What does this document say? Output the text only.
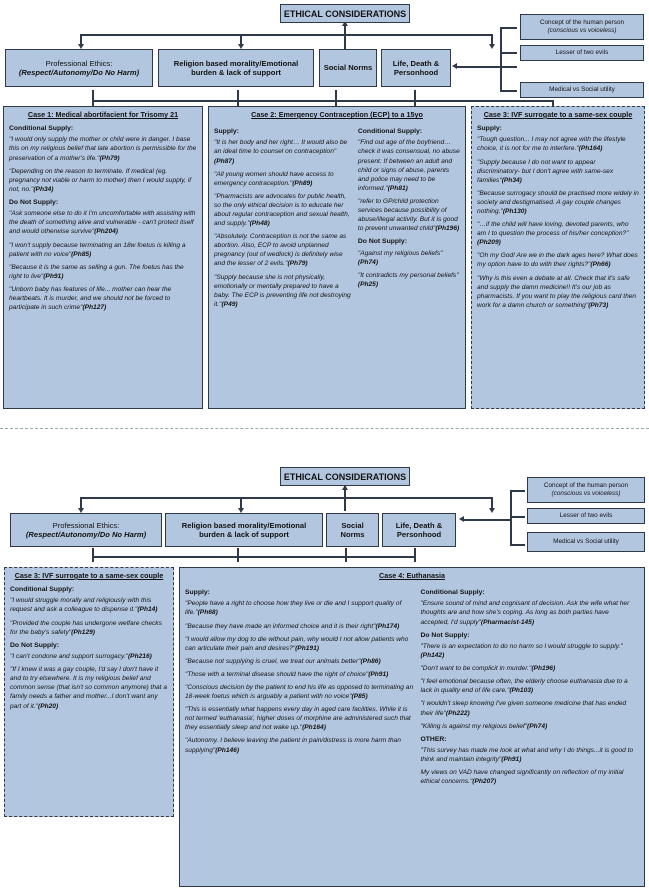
ETHICAL CONSIDERATIONS
Professional Ethics:
(Respect/Autonomy/Do No Harm)
Religion based morality/Emotional burden & lack of support
Social Norms
Life, Death & Personhood
Concept of the human person
(conscious vs voiceless)
Lesser of two evils
Medical vs Social utility
Case 1: Medical abortifacient for Trisomy 21
Conditional Supply:
"I would only supply the mother or child were in danger. I base this on my religious belief that late abortion is permissible for the preservation of a mother's life."(Ph79)
"Depending on the reason to terminate. If medical (eg. pregnancy not viable or harm to mother) then I would supply, if not, no."(Ph34)
Do Not Supply:
"Ask someone else to do it I'm uncomfortable with assisting with the death of something alive and vulnerable - can't protect itself and would otherwise survive"(Ph204)
"I won't supply because terminating an 18w foetus is killing a patient with no voice"(Ph85)
"Because it is the same as selling a gun. The foetus has the right to live"(Ph91)
"Unborn baby has features of life... mother can hear the heartbeats. It is murder, and we should not be forced to participate in such crime"(Ph127)
Case 2: Emergency Contraception (ECP) to a 15yo
Supply:
"It is her body and her right… It would also be an ideal time to counsel on contraception"(Ph87)
"All young women should have access to emergency contraception."(Ph89)
"Pharmacists are advocates for public health, so the only ethical decision is to educate her about regular contraception and sexual health, and supply."(Ph48)
"Absolutely. Contraception is not the same as abortion. Also, ECP to avoid unplanned pregnancy (out of wedlock) is definitely wise and the lesser of 2 evils."(Ph79)
"Supply because she is not physically, emotionally or mentally prepared to have a baby. The ECP is preventing life not destroying it."(P49)
Conditional Supply:
"Find out age of the boyfriend… check it was consensual, no abuse present. If between an adult and child or signs of abuse, parents and police may need to be informed."(Ph81)
"refer to GP/child protection services because possibility of abuse/illegal activity. But it is good to prevent unwanted child"(Ph196)
Do Not Supply:
"Against my religious beliefs"(Ph74)
"It contradicts my personal beliefs"(Ph25)
Case 3: IVF surrogate to a same-sex couple
Supply:
"Tough question... I may not agree with the lifestyle choice, it is not for me to interfere."(Ph164)
"Supply because I do not want to appear discriminatory- but I don't agree with same-sex families"(Ph34)
"Because surrogacy should be practised more widely in society and destigmatised. A gay couple changes nothing."(Ph130)
"…if the child will have loving, devoted parents, who am I to question the process of his/her conception?"(Ph209)
"Oh my God! Are we in the dark ages here? What does my option have to do with their rights?"(Ph66)
"Why is this even a debate at all. Check that it's safe and supply the damn medicine!! It's our job as pharmacists. If you want to play the religious card then work for a damn church or something"(Ph73)
ETHICAL CONSIDERATIONS
Professional Ethics:
(Respect/Autonomy/Do No Harm)
Religion based morality/Emotional burden & lack of support
Social Norms
Life, Death & Personhood
Concept of the human person
(conscious vs voiceless)
Lesser of two evils
Medical vs Social utility
Case 3: IVF surrogate to a same-sex couple
Conditional Supply:
"I would struggle morally and religiously with this request and ask a colleague to dispense it."(Ph14)
"Provided the couple has undergone welfare checks for the baby's safety"(Ph129)
Do Not Supply:
"I can't condone and support surrogacy."(Ph216)
"If I knew it was a gay couple, I'd say I don't have it and to try elsewhere. It is my religious belief and common sense (that isn't so common anymore) that a family needs a father and mother...I don't want any part of it."(Ph20)
Case 4: Euthanasia
Supply:
"People have a right to choose how they live or die and I support quality of life."(Ph68)
"Because they have made an informed choice and it is their right"(Ph174)
"I would allow my dog to die without pain, why would I not allow patients who can articulate their pain and desires?"(Ph191)
"Because not supplying is cruel, we treat our animals better"(Ph86)
"Those with a terminal disease should have the right of choice"(Ph91)
"Conscious decision by the patient to end his life as opposed to terminating an 18-week foetus which is arguably a patient with no voice"(P85)
"This is essentially what happens every day in aged care facilities. While it is not termed 'euthanasia', higher doses of morphine are administered such that they essentially sleep and not wake up."(Ph164)
"Autonomy. I believe leaving the patient in pain/distress is more harm than supplying"(Ph146)
Conditional Supply:
"Ensure sound of mind and cognisant of decision. Ask the wife what her thoughts are and how she's coping. As long as both parties have accepted, I'd supply"(Pharmacist-145)
Do Not Supply:
"There is an expectation to do no harm so I would struggle to supply."(Ph142)
"Don't want to be complicit in murder."(Ph196)
"I feel emotional because often, the elderly choose euthanasia due to a lack in quality end of life care."(Ph103)
"I wouldn't sleep knowing I've given someone medicine that has ended their life"(Ph222)
"Killing is against my religious belief"(Ph74)
OTHER:
"This survey has made me look at what and why I do things...it is good to think and maintain integrity"(Ph91)
My views on VAD have changed significantly on reflection of my initial ethical concerns."(Ph207)
